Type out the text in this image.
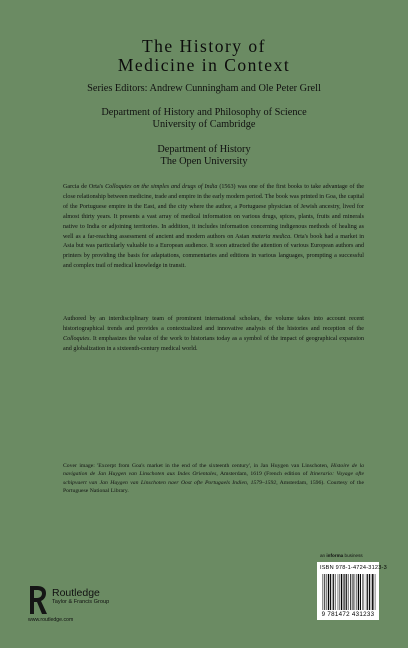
The History of
Medicine in Context
Series Editors: Andrew Cunningham and Ole Peter Grell
Department of History and Philosophy of Science
University of Cambridge
Department of History
The Open University

Garcia de Orta's Colloquies on the simples and drugs of India (1563) was one of the first books to take advantage of the close relationship between medicine, trade and empire in the early modern period. The book was printed in Goa, the capital of the Portuguese empire in the East, and the city where the author, a Portuguese physician of Jewish ancestry, lived for almost thirty years. It presents a vast array of medical information on various drugs, spices, plants, fruits and minerals native to India or adjoining territories. In addition, it includes information concerning indigenous methods of healing as well as a far-reaching assessment of ancient and modern authors on Asian materia medica. Orta's book had a market in Asia but was particularly valuable to a European audience. It soon attracted the attention of various European authors and printers by providing the basis for adaptations, commentaries and editions in various languages, prompting a successful and complex trail of medical knowledge in transit.

Authored by an interdisciplinary team of prominent international scholars, the volume takes into account recent historiographical trends and provides a contextualized and innovative analysis of the histories and reception of the Colloquies. It emphasizes the value of the work to historians today as a symbol of the impact of geographical expansion and globalization in a sixteenth-century medical world.

Cover image: 'Excerpt from Goa's market in the end of the sixteenth century', in Jan Huygen van Linschoten, Histoire de la navigation de Jan Huygen van Linschoten aux Indes Orientales, Amsterdam, 1619 (French edition of Itinerario: Voyage ofte schipvaert van Jan Huygen van Linschoten naer Oost ofte Portugaels Indien, 1579–1592, Amsterdam, 1596). Courtesy of the Portuguese National Library.

an informa business
ISBN 978-1-4724-3123-3
9 781472 431233
Routledge
Taylor & Francis Group
www.routledge.com
